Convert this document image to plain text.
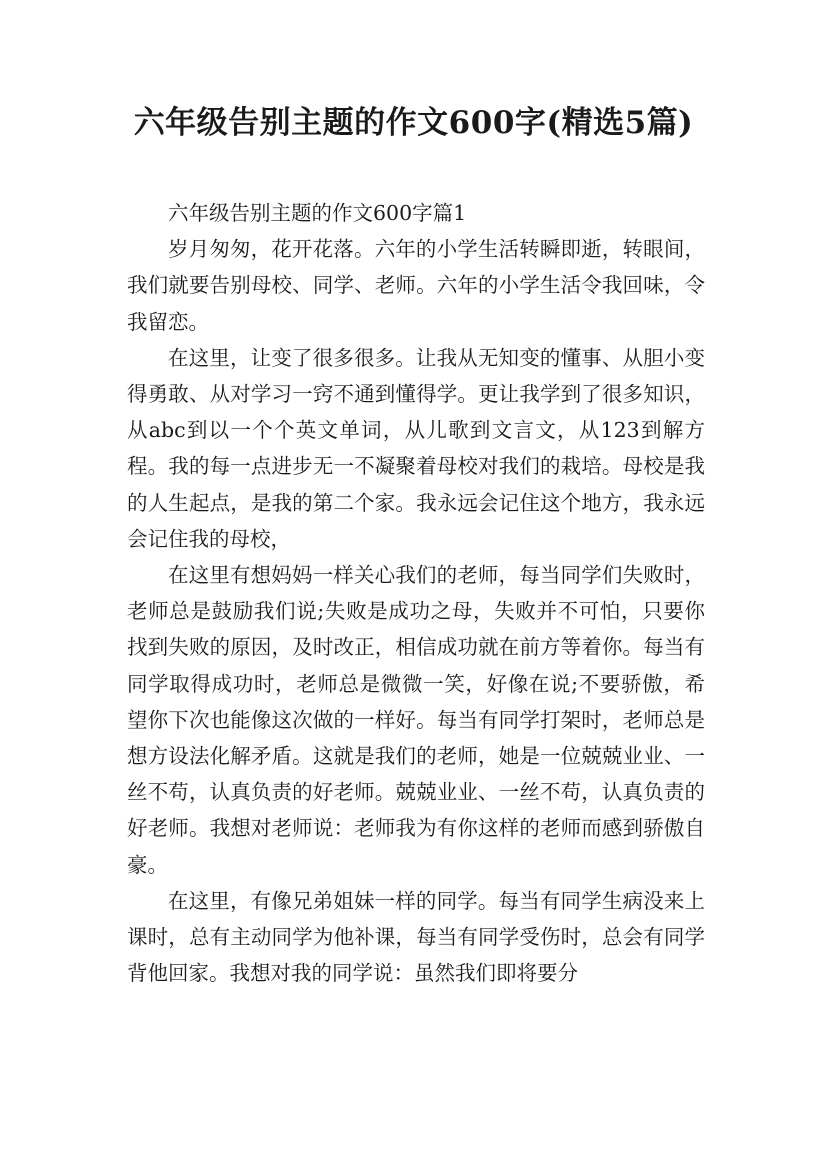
六年级告别主题的作文600字(精选5篇)

六年级告别主题的作文600字篇1

岁月匆匆，花开花落。六年的小学生活转瞬即逝，转眼间，我们就要告别母校、同学、老师。六年的小学生活令我回味，令我留恋。

在这里，让变了很多很多。让我从无知变的懂事、从胆小变得勇敢、从对学习一窍不通到懂得学。更让我学到了很多知识，从abc到以一个个英文单词，从儿歌到文言文，从123到解方程。我的每一点进步无一不凝聚着母校对我们的栽培。母校是我的人生起点，是我的第二个家。我永远会记住这个地方，我永远会记住我的母校，

在这里有想妈妈一样关心我们的老师，每当同学们失败时，老师总是鼓励我们说;失败是成功之母，失败并不可怕，只要你找到失败的原因，及时改正，相信成功就在前方等着你。每当有同学取得成功时，老师总是微微一笑，好像在说;不要骄傲，希望你下次也能像这次做的一样好。每当有同学打架时，老师总是想方设法化解矛盾。这就是我们的老师，她是一位兢兢业业、一丝不苟，认真负责的好老师。兢兢业业、一丝不苟，认真负责的好老师。我想对老师说：老师我为有你这样的老师而感到骄傲自豪。

在这里，有像兄弟姐妹一样的同学。每当有同学生病没来上课时，总有主动同学为他补课，每当有同学受伤时，总会有同学背他回家。我想对我的同学说：虽然我们即将要分
